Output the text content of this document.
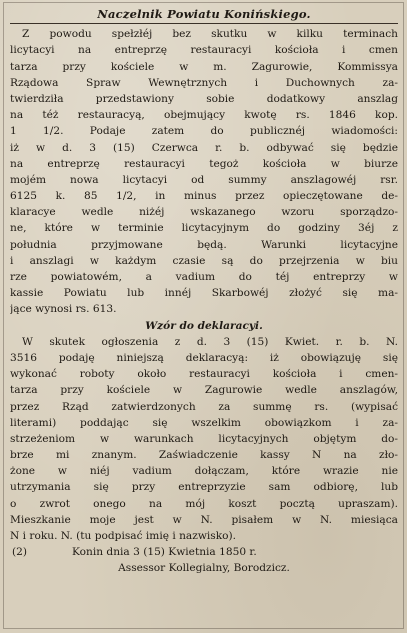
Naczelnik Powiatu Konińskiego.
Z powodu spełzłéj bez skutku w kilku terminach
licytacyi na entreprzę restauracyi kościoła i cmen
tarza przy kościele w m. Zagurowie, Kommissya
Rządowa Spraw Wewnętrznych i Duchownych za-
twierdziła przedstawiony sobie dodatkowy anszlag
na téż restauracyą, obejmujący kwotę rs. 1846 kop.
1 1/2. Podaje zatem do publicznéj wiadomości:
iż w d. 3 (15) Czerwca r. b. odbywać się będzie
na entreprzę restauracyi tegoż kościoła w biurze
mojém nowa licytacyi od summy anszlagowéj rsr.
6125 k. 85 1/2, in minus przez opieczętowane de-
klaracye wedle niżéj wskazanego wzoru sporządzo-
ne, które w terminie licytacyjnym do godziny 3éj z
południa przyjmowane będą. Warunki licytacyjne
i anszlagi w każdym czasie są do przejrzenia w biu
rze powiatowém, a vadium do téj entreprzy w
kassie Powiatu lub innéj Skarbowéj złożyć się ma-
jące wynosi rs. 613.
Wzór do deklaracyi.
W skutek ogłoszenia z d. 3 (15) Kwiet. r. b. N.
3516 podaję niniejszą deklaracyą: iż obowiązuję się
wykonać roboty około restauracyi kościoła i cmen-
tarza przy kościele w Zagurowie wedle anszlagów,
przez Rząd zatwierdzonych za summę rs. (wypisać
literami) poddając się wszelkim obowiązkom i za-
strzeżeniom w warunkach licytacyjnych objętym do-
brze mi znanym. Zaświadczenie kassy N na zło-
żone w niéj vadium dołączam, które wrazie nie
utrzymania się przy entreprzyzie sam odbiorę, lub
o zwrot onego na mój koszt pocztą upraszam).
Mieszkanie moje jest w N. pisałem w N. miesiąca
N i roku. N. (tu podpisać imię i nazwisko).
(2)	Konin dnia 3 (15) Kwietnia 1850 r.
Assessor Kollegialny, Borodzicz.
